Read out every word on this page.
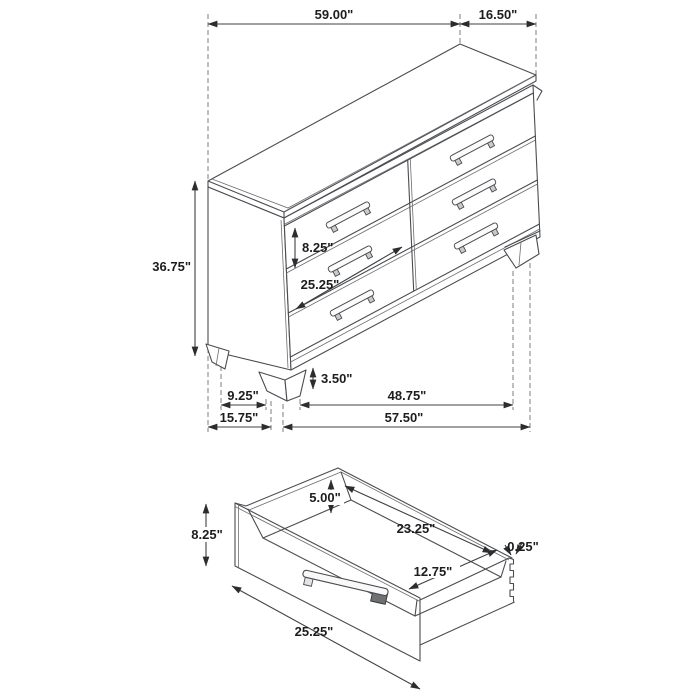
59.00"	16.50"
36.75"
8.25"
25.25"
9.25"
3.50"
48.75"
15.75"	57.50"
8.25"
5.00"
23.25"
0.25"
12.75"
25.25"
